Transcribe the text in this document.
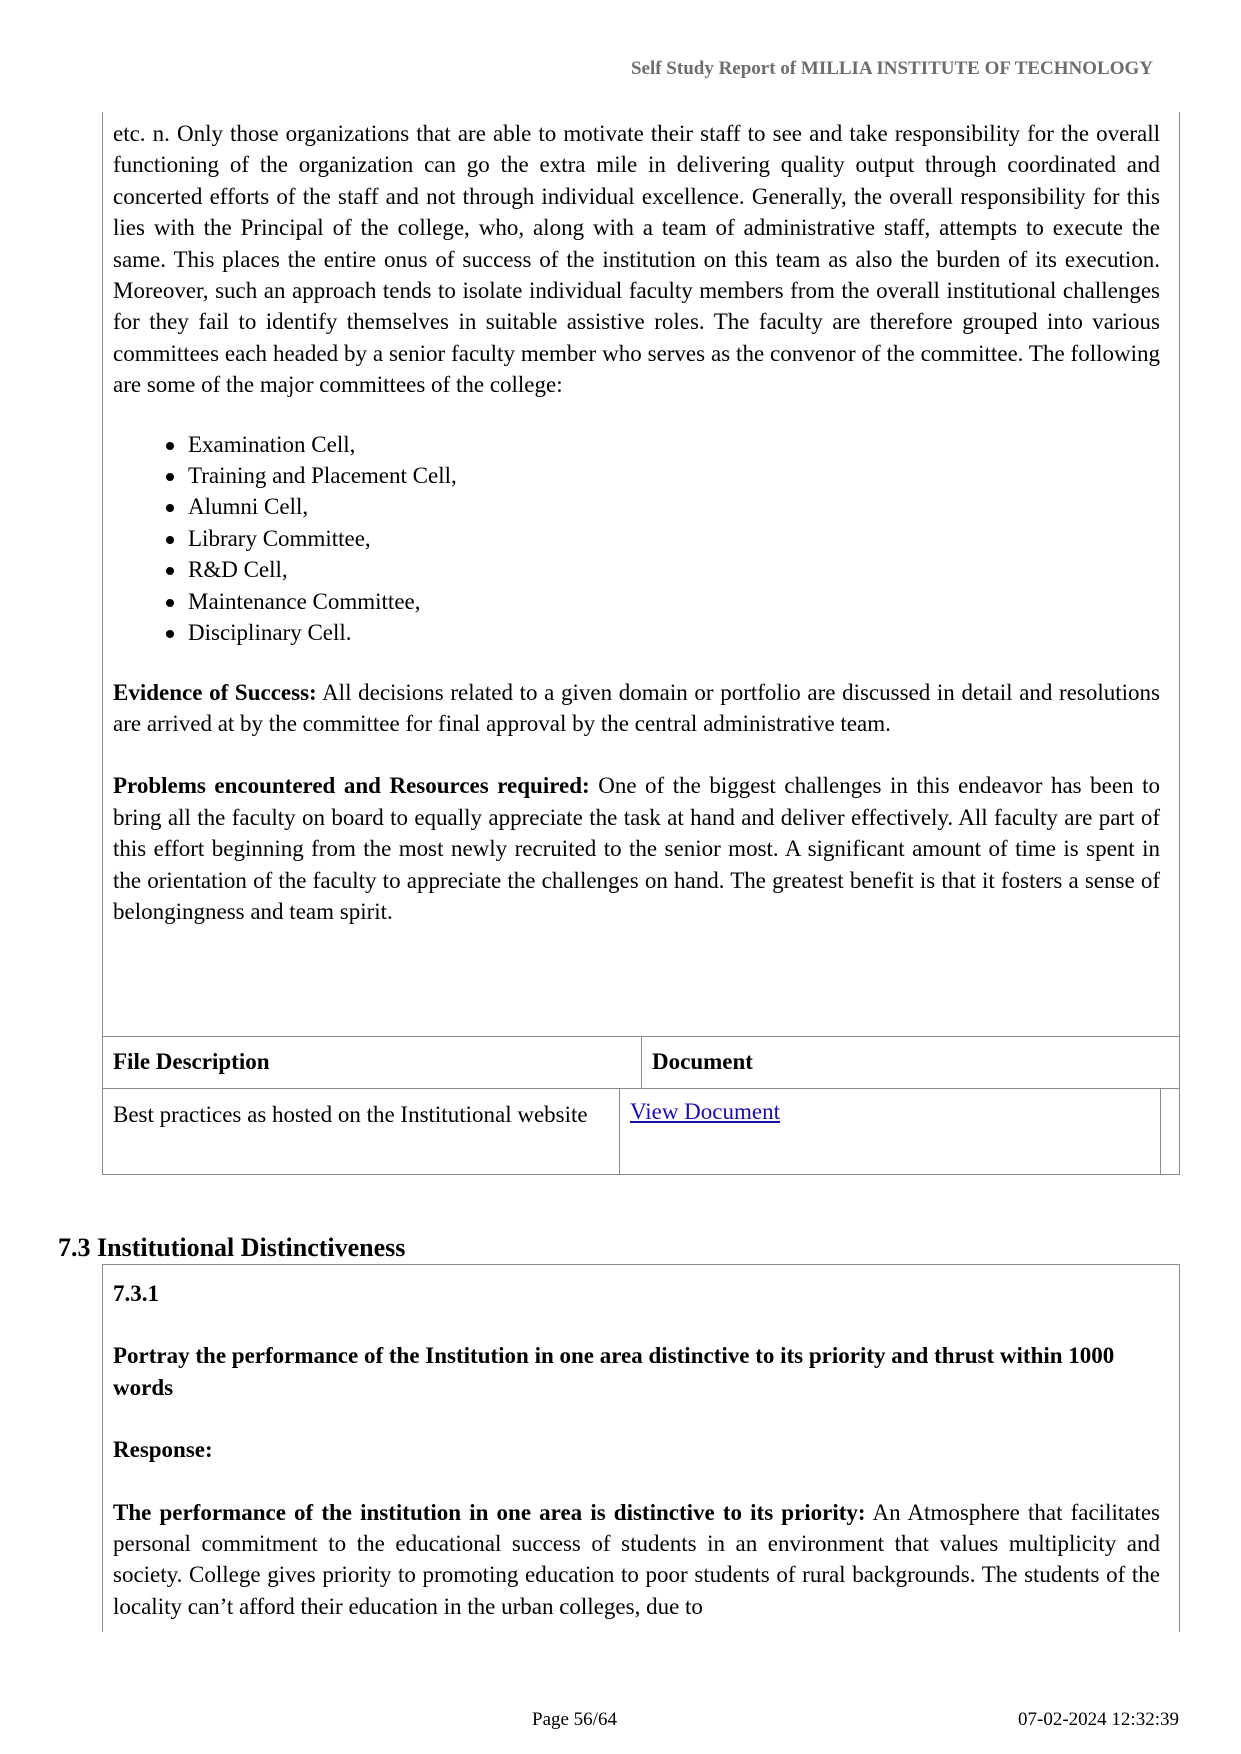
Self Study Report of MILLIA INSTITUTE OF TECHNOLOGY

etc. n. Only those organizations that are able to motivate their staff to see and take responsibility for the overall functioning of the organization can go the extra mile in delivering quality output through coordinated and concerted efforts of the staff and not through individual excellence. Generally, the overall responsibility for this lies with the Principal of the college, who, along with a team of administrative staff, attempts to execute the same. This places the entire onus of success of the institution on this team as also the burden of its execution. Moreover, such an approach tends to isolate individual faculty members from the overall institutional challenges for they fail to identify themselves in suitable assistive roles. The faculty are therefore grouped into various committees each headed by a senior faculty member who serves as the convenor of the committee. The following are some of the major committees of the college:

Examination Cell,
Training and Placement Cell,
Alumni Cell,
Library Committee,
R&D Cell,
Maintenance Committee,
Disciplinary Cell.

Evidence of Success: All decisions related to a given domain or portfolio are discussed in detail and resolutions are arrived at by the committee for final approval by the central administrative team.

Problems encountered and Resources required: One of the biggest challenges in this endeavor has been to bring all the faculty on board to equally appreciate the task at hand and deliver effectively. All faculty are part of this effort beginning from the most newly recruited to the senior most. A significant amount of time is spent in the orientation of the faculty to appreciate the challenges on hand. The greatest benefit is that it fosters a sense of belongingness and team spirit.

File Description	Document
Best practices as hosted on the Institutional website	View Document
7.3 Institutional Distinctiveness

7.3.1

Portray the performance of the Institution in one area distinctive to its priority and thrust within 1000 words

Response:

The performance of the institution in one area is distinctive to its priority: An Atmosphere that facilitates personal commitment to the educational success of students in an environment that values multiplicity and society. College gives priority to promoting education to poor students of rural backgrounds. The students of the locality can’t afford their education in the urban colleges, due to

Page 56/64	07-02-2024 12:32:39
